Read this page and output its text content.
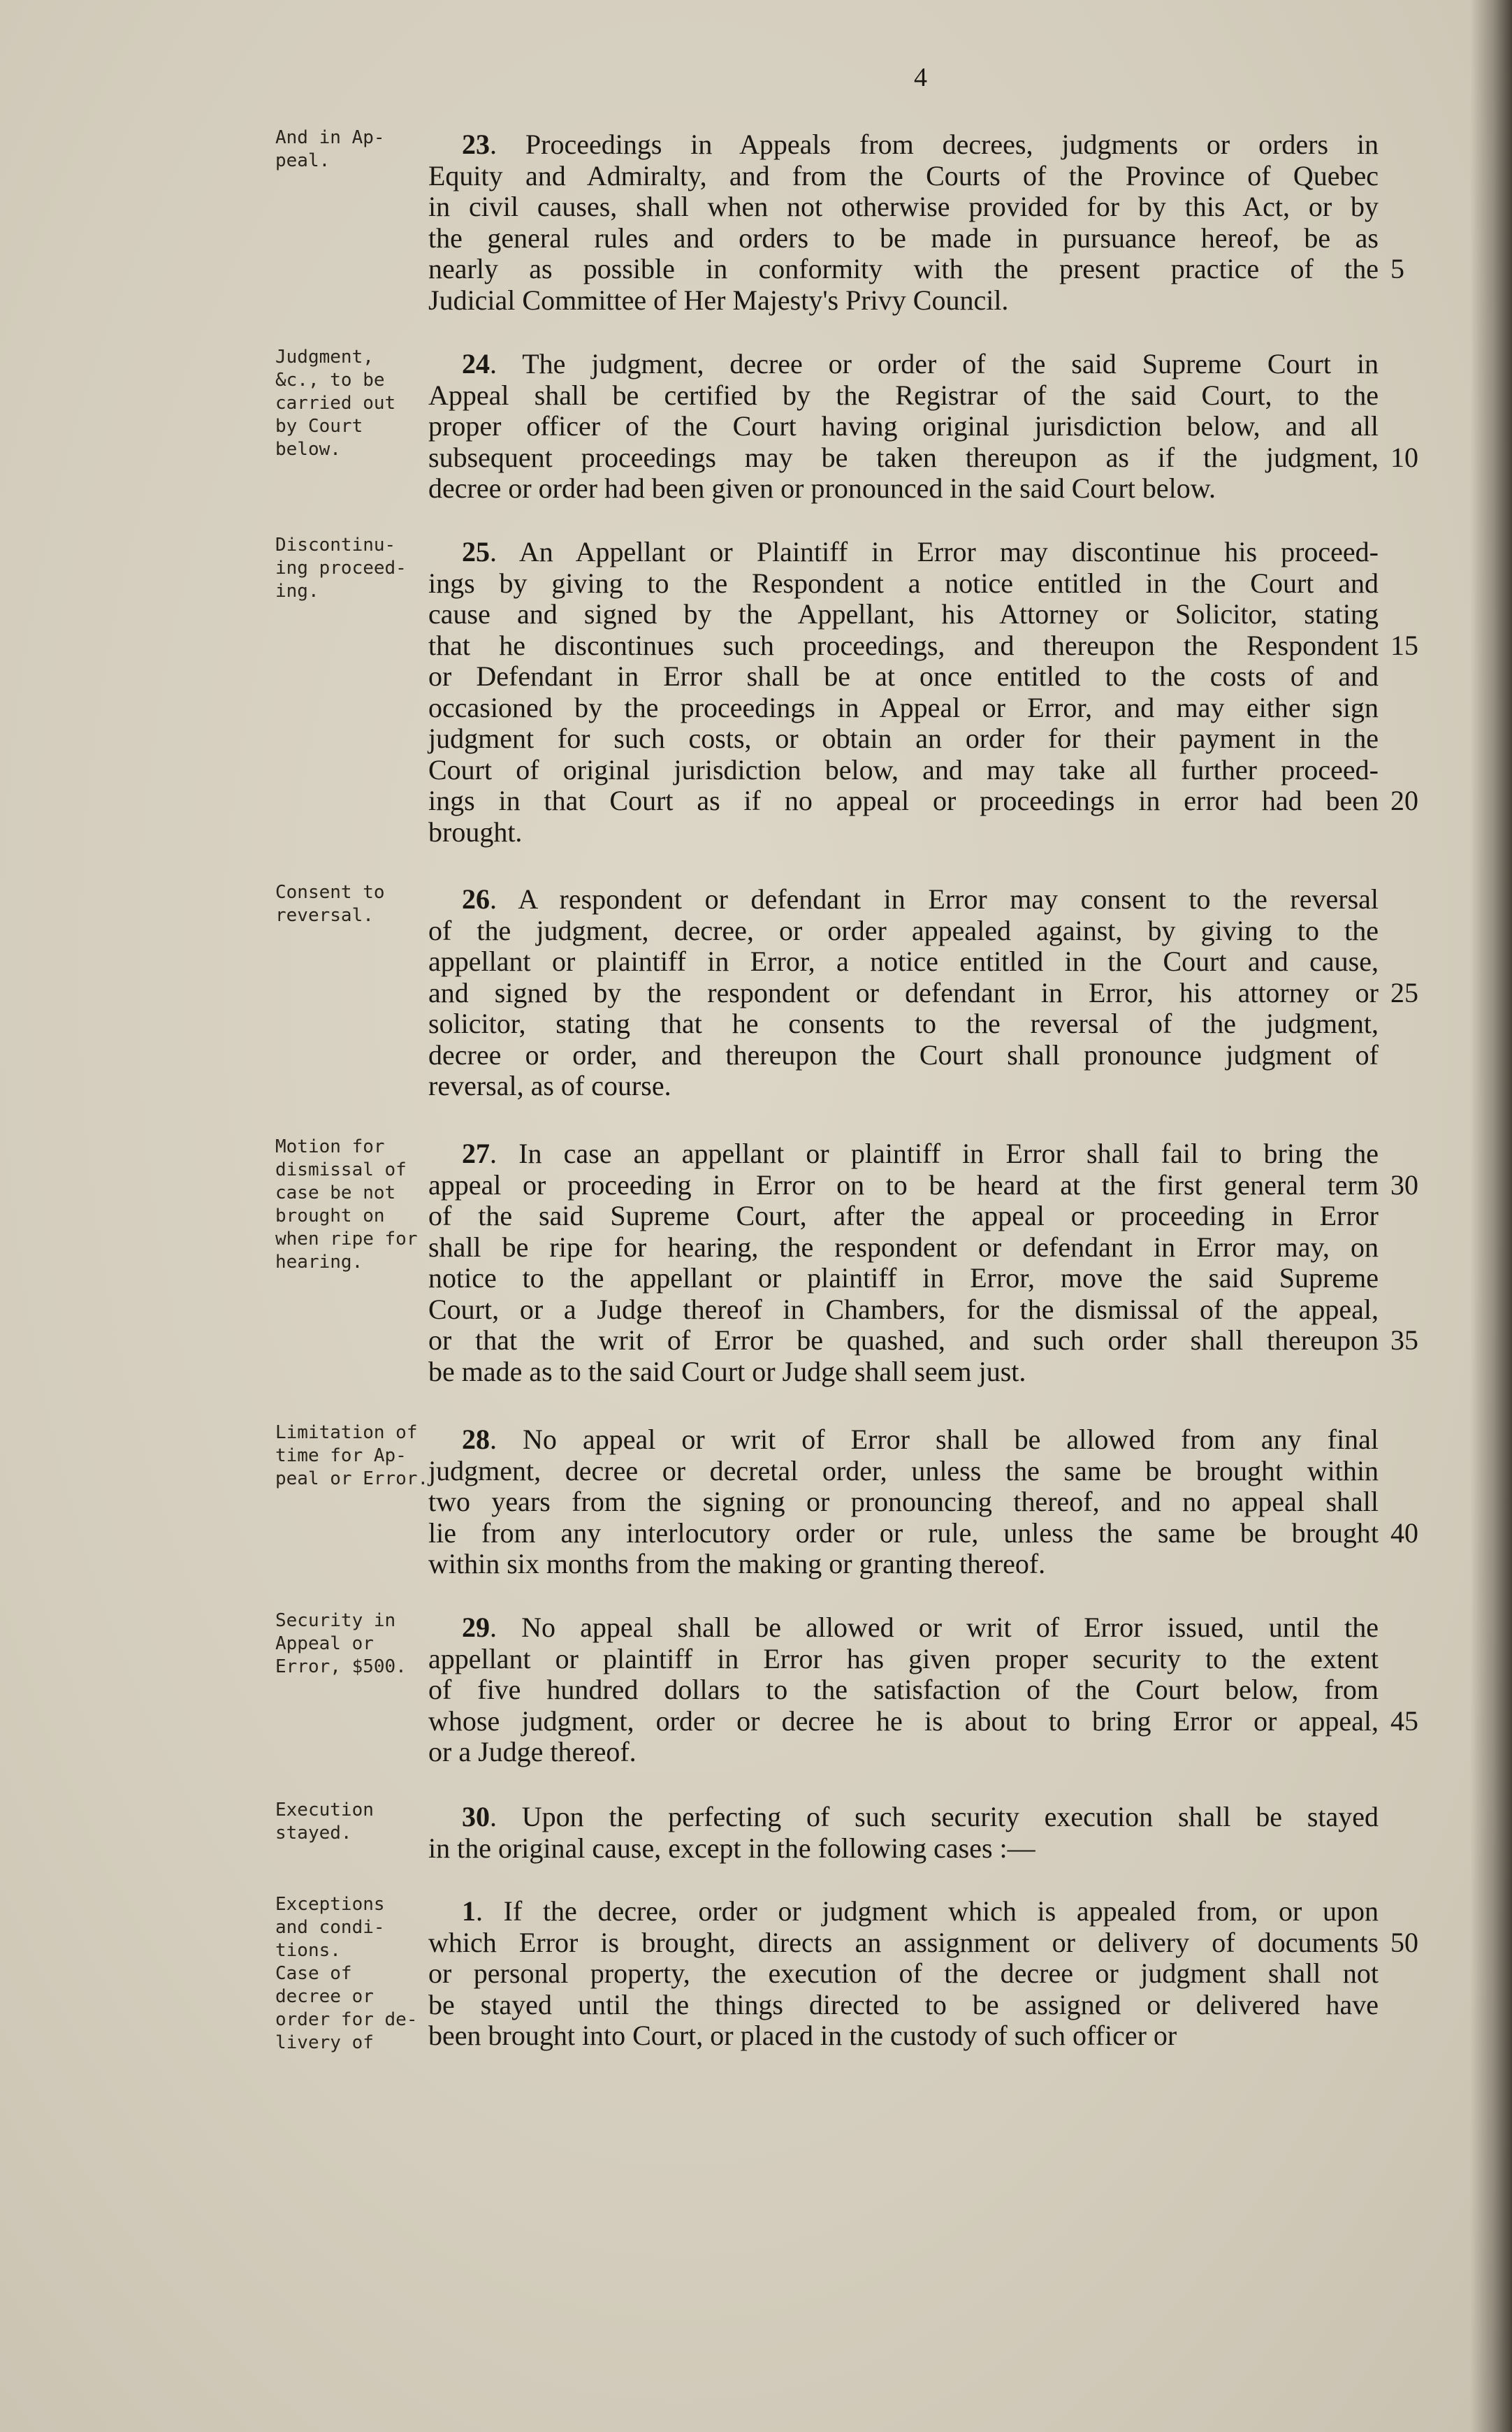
4
And in Ap-
peal.
23. Proceedings in Appeals from decrees, judgments or orders in
Equity and Admiralty, and from the Courts of the Province of Quebec
in civil causes, shall when not otherwise provided for by this Act, or by
the general rules and orders to be made in pursuance hereof, be as
nearly as possible in conformity with the present practice of the
Judicial Committee of Her Majesty's Privy Council.
5
Judgment,
&c., to be
carried out
by Court
below.
24. The judgment, decree or order of the said Supreme Court in
Appeal shall be certified by the Registrar of the said Court, to the
proper officer of the Court having original jurisdiction below, and all
subsequent proceedings may be taken thereupon as if the judgment,
decree or order had been given or pronounced in the said Court below.
10
Discontinu-
ing proceed-
ing.
25. An Appellant or Plaintiff in Error may discontinue his proceed-
ings by giving to the Respondent a notice entitled in the Court and
cause and signed by the Appellant, his Attorney or Solicitor, stating
that he discontinues such proceedings, and thereupon the Respondent
or Defendant in Error shall be at once entitled to the costs of and
occasioned by the proceedings in Appeal or Error, and may either sign
judgment for such costs, or obtain an order for their payment in the
Court of original jurisdiction below, and may take all further proceed-
ings in that Court as if no appeal or proceedings in error had been
brought.
15
20
Consent to
reversal.
26. A respondent or defendant in Error may consent to the reversal
of the judgment, decree, or order appealed against, by giving to the
appellant or plaintiff in Error, a notice entitled in the Court and cause,
and signed by the respondent or defendant in Error, his attorney or
solicitor, stating that he consents to the reversal of the judgment,
decree or order, and thereupon the Court shall pronounce judgment of
reversal, as of course.
25
Motion for
dismissal of
case be not
brought on
when ripe for
hearing.
27. In case an appellant or plaintiff in Error shall fail to bring the
appeal or proceeding in Error on to be heard at the first general term
of the said Supreme Court, after the appeal or proceeding in Error
shall be ripe for hearing, the respondent or defendant in Error may, on
notice to the appellant or plaintiff in Error, move the said Supreme
Court, or a Judge thereof in Chambers, for the dismissal of the appeal,
or that the writ of Error be quashed, and such order shall thereupon
be made as to the said Court or Judge shall seem just.
30
35
Limitation of
time for Ap-
peal or Error.
28. No appeal or writ of Error shall be allowed from any final
judgment, decree or decretal order, unless the same be brought within
two years from the signing or pronouncing thereof, and no appeal shall
lie from any interlocutory order or rule, unless the same be brought
within six months from the making or granting thereof.
40
Security in
Appeal or
Error, $500.
29. No appeal shall be allowed or writ of Error issued, until the
appellant or plaintiff in Error has given proper security to the extent
of five hundred dollars to the satisfaction of the Court below, from
whose judgment, order or decree he is about to bring Error or appeal,
or a Judge thereof.
45
Execution
stayed.
30. Upon the perfecting of such security execution shall be stayed
in the original cause, except in the following cases :—
Exceptions
and condi-
tions.
Case of
decree or
order for de-
livery of
1. If the decree, order or judgment which is appealed from, or upon
which Error is brought, directs an assignment or delivery of documents
or personal property, the execution of the decree or judgment shall not
be stayed until the things directed to be assigned or delivered have
been brought into Court, or placed in the custody of such officer or
50
